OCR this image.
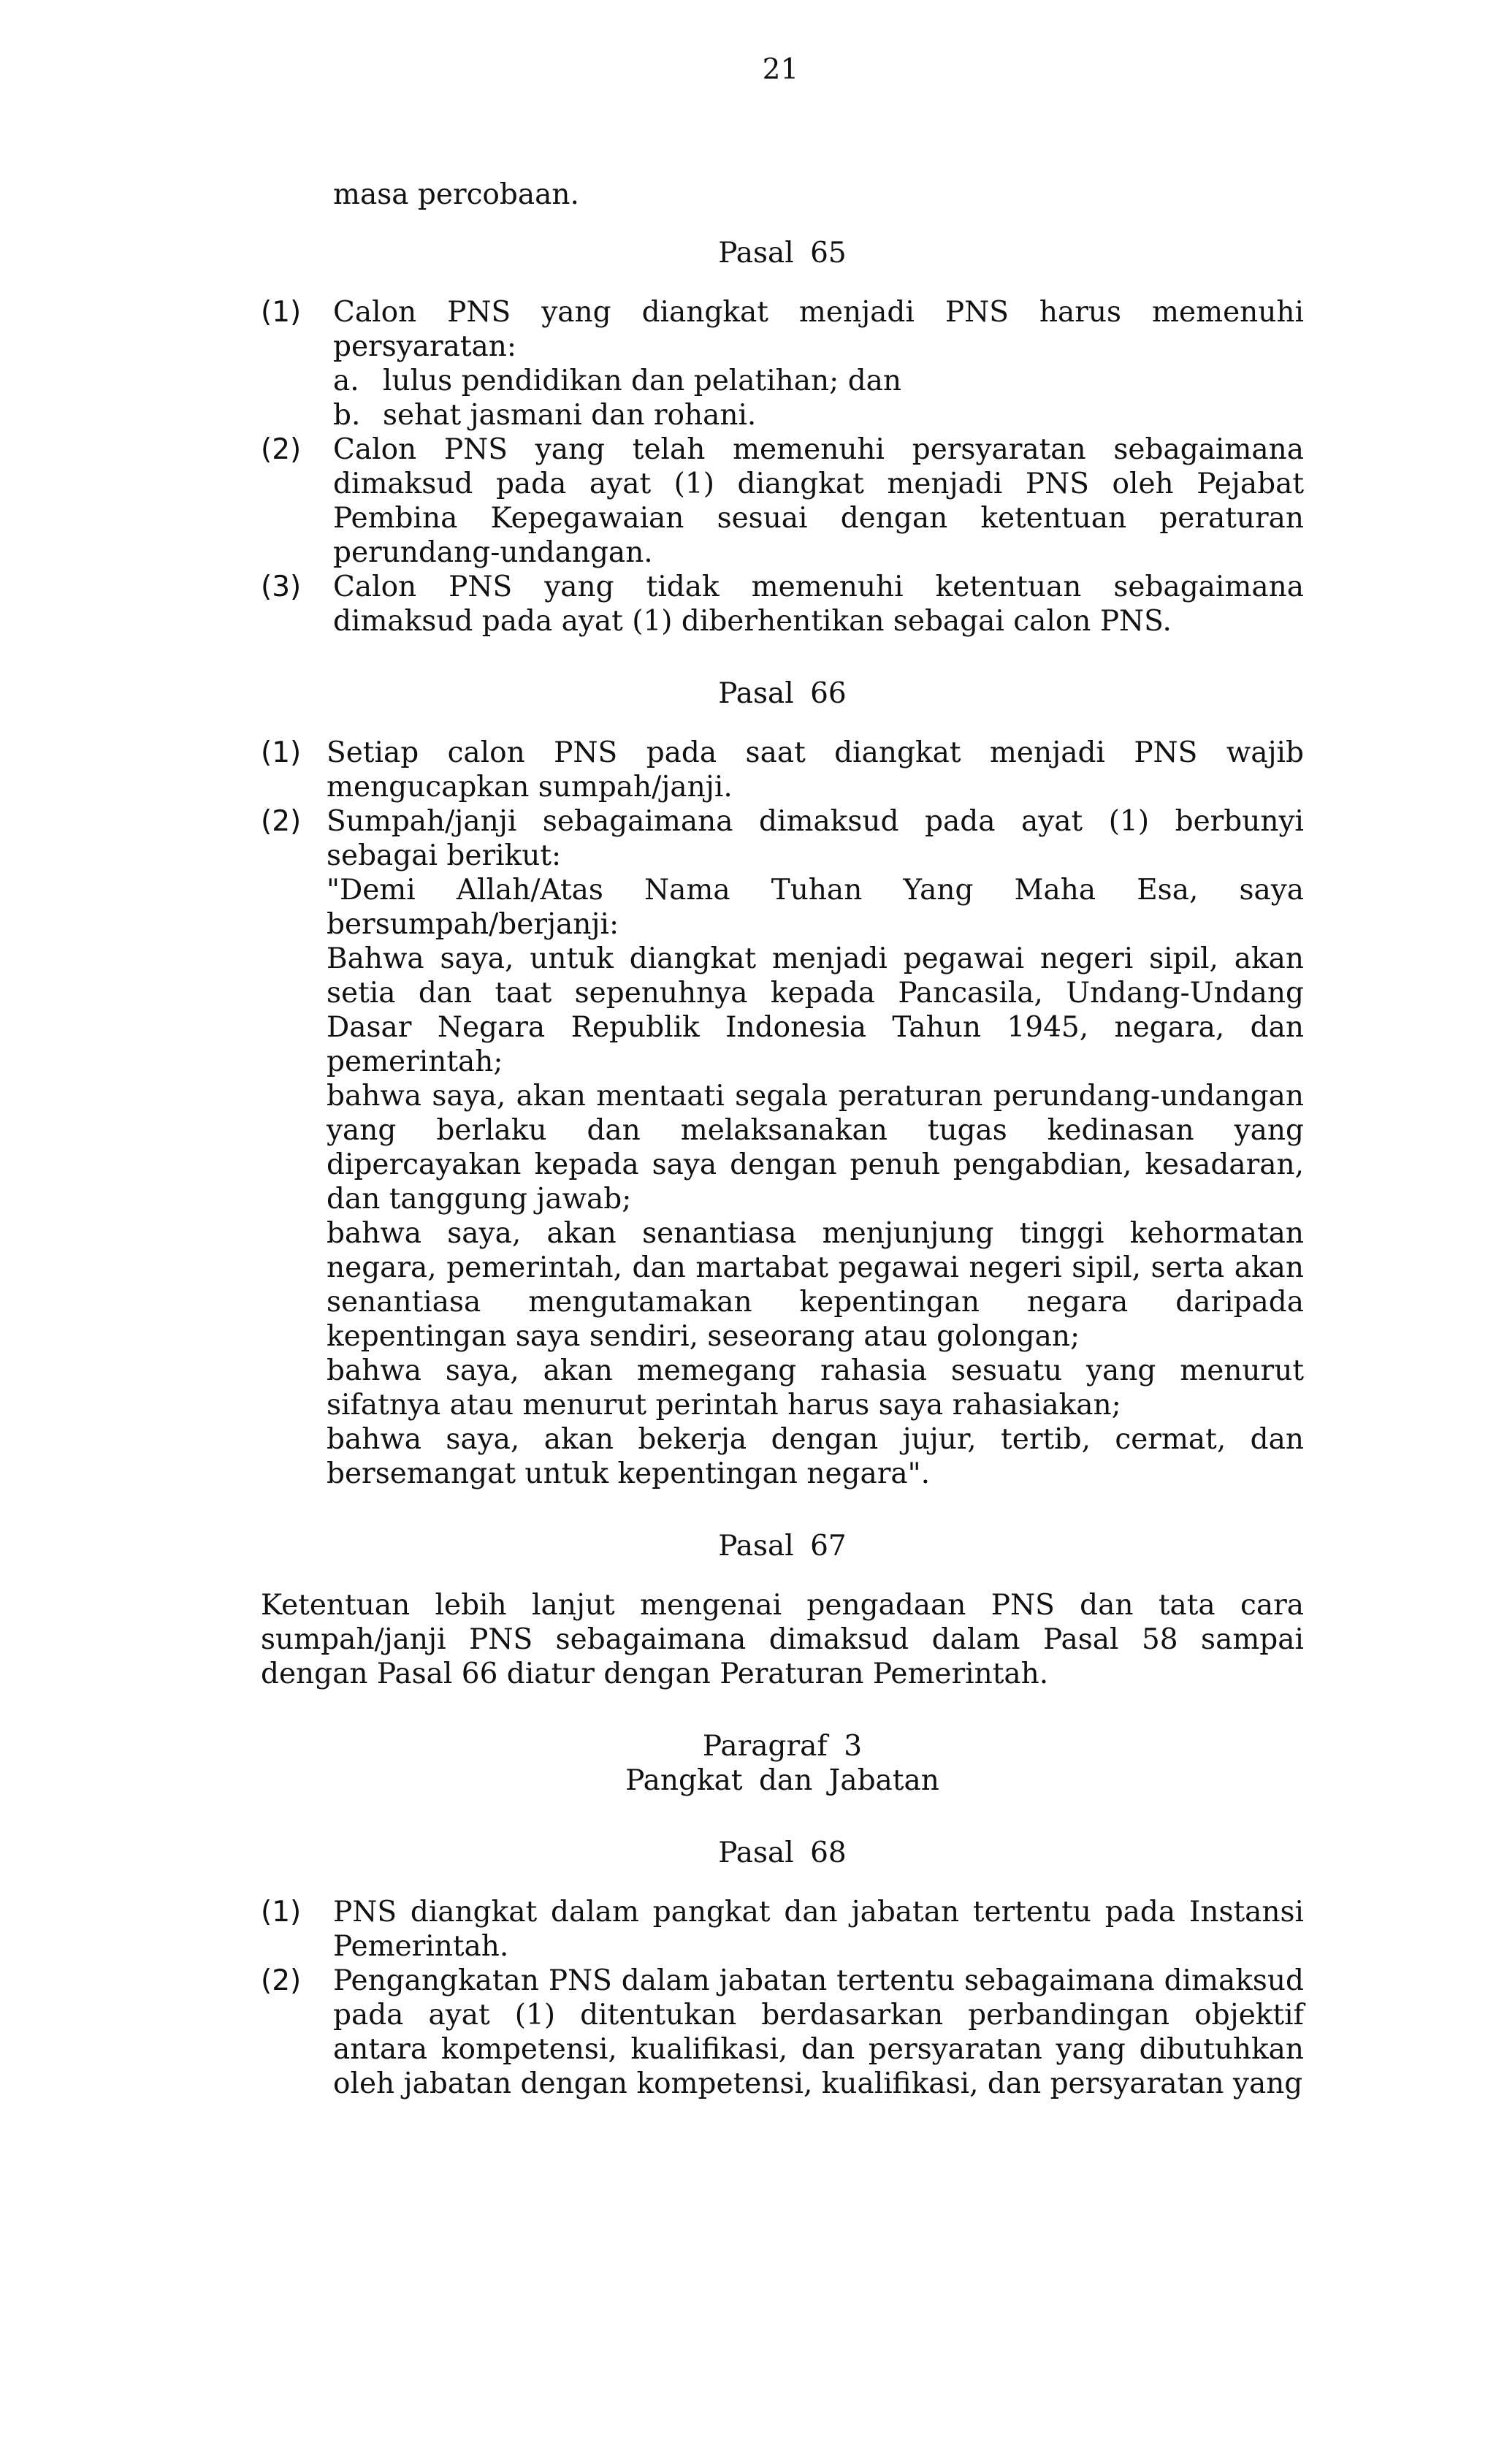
21
masa percobaan.
Pasal 65
(1)	Calon PNS yang diangkat menjadi PNS harus memenuhi persyaratan:
a. lulus pendidikan dan pelatihan; dan
b. sehat jasmani dan rohani.
(2)	Calon PNS yang telah memenuhi persyaratan sebagaimana dimaksud pada ayat (1) diangkat menjadi PNS oleh Pejabat Pembina Kepegawaian sesuai dengan ketentuan peraturan perundang-undangan.
(3)	Calon PNS yang tidak memenuhi ketentuan sebagaimana dimaksud pada ayat (1) diberhentikan sebagai calon PNS.
Pasal 66
(1) Setiap calon PNS pada saat diangkat menjadi PNS wajib mengucapkan sumpah/janji.
(2) Sumpah/janji sebagaimana dimaksud pada ayat (1) berbunyi sebagai berikut:
"Demi Allah/Atas Nama Tuhan Yang Maha Esa, saya bersumpah/berjanji:
Bahwa saya, untuk diangkat menjadi pegawai negeri sipil, akan setia dan taat sepenuhnya kepada Pancasila, Undang-Undang Dasar Negara Republik Indonesia Tahun 1945, negara, dan pemerintah;
bahwa saya, akan mentaati segala peraturan perundang-undangan yang berlaku dan melaksanakan tugas kedinasan yang dipercayakan kepada saya dengan penuh pengabdian, kesadaran, dan tanggung jawab;
bahwa saya, akan senantiasa menjunjung tinggi kehormatan negara, pemerintah, dan martabat pegawai negeri sipil, serta akan senantiasa mengutamakan kepentingan negara daripada kepentingan saya sendiri, seseorang atau golongan;
bahwa saya, akan memegang rahasia sesuatu yang menurut sifatnya atau menurut perintah harus saya rahasiakan;
bahwa saya, akan bekerja dengan jujur, tertib, cermat, dan bersemangat untuk kepentingan negara".
Pasal 67
Ketentuan lebih lanjut mengenai pengadaan PNS dan tata cara sumpah/janji PNS sebagaimana dimaksud dalam Pasal 58 sampai dengan Pasal 66 diatur dengan Peraturan Pemerintah.
Paragraf 3
Pangkat dan Jabatan
Pasal 68
(1)	PNS diangkat dalam pangkat dan jabatan tertentu pada Instansi Pemerintah.
(2)	Pengangkatan PNS dalam jabatan tertentu sebagaimana dimaksud pada ayat (1) ditentukan berdasarkan perbandingan objektif antara kompetensi, kualifikasi, dan persyaratan yang dibutuhkan oleh jabatan dengan kompetensi, kualifikasi, dan persyaratan yang
